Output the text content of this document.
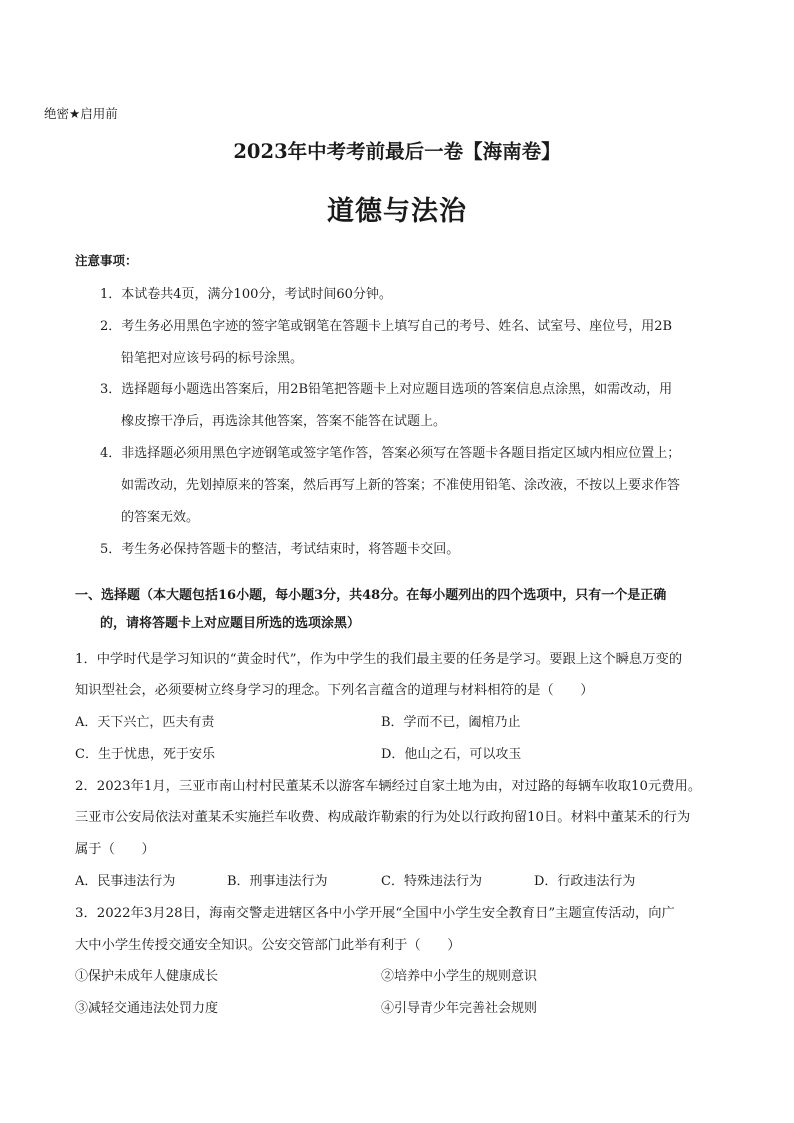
绝密★启用前
2023年中考考前最后一卷【海南卷】
道德与法治
注意事项：
1．本试卷共4页，满分100分，考试时间60分钟。
2．考生务必用黑色字迹的签字笔或钢笔在答题卡上填写自己的考号、姓名、试室号、座位号，用2B
铅笔把对应该号码的标号涂黑。
3．选择题每小题选出答案后，用2B铅笔把答题卡上对应题目选项的答案信息点涂黑，如需改动，用
橡皮擦干净后，再选涂其他答案，答案不能答在试题上。
4．非选择题必须用黑色字迹钢笔或签字笔作答，答案必须写在答题卡各题目指定区域内相应位置上；
如需改动，先划掉原来的答案，然后再写上新的答案；不准使用铅笔、涂改液，不按以上要求作答
的答案无效。
5．考生务必保持答题卡的整洁，考试结束时，将答题卡交回。
一、选择题（本大题包括16小题，每小题3分，共48分。在每小题列出的四个选项中，只有一个是正确
的，请将答题卡上对应题目所选的选项涂黑）
1．中学时代是学习知识的“黄金时代”，作为中学生的我们最主要的任务是学习。要跟上这个瞬息万变的
知识型社会，必须要树立终身学习的理念。下列名言蕴含的道理与材料相符的是（　　）
A．天下兴亡，匹夫有责	B．学而不已，阖棺乃止
C．生于忧患，死于安乐	D．他山之石，可以攻玉
2．2023年1月，三亚市南山村村民董某禾以游客车辆经过自家土地为由，对过路的每辆车收取10元费用。
三亚市公安局依法对董某禾实施拦车收费、构成敲诈勒索的行为处以行政拘留10日。材料中董某禾的行为
属于（　　）
A．民事违法行为	B．刑事违法行为	C．特殊违法行为	D．行政违法行为
3．2022年3月28日，海南交警走进辖区各中小学开展“全国中小学生安全教育日”主题宣传活动，向广
大中小学生传授交通安全知识。公安交管部门此举有利于（　　）
①保护未成年人健康成长	②培养中小学生的规则意识
③减轻交通违法处罚力度	④引导青少年完善社会规则
